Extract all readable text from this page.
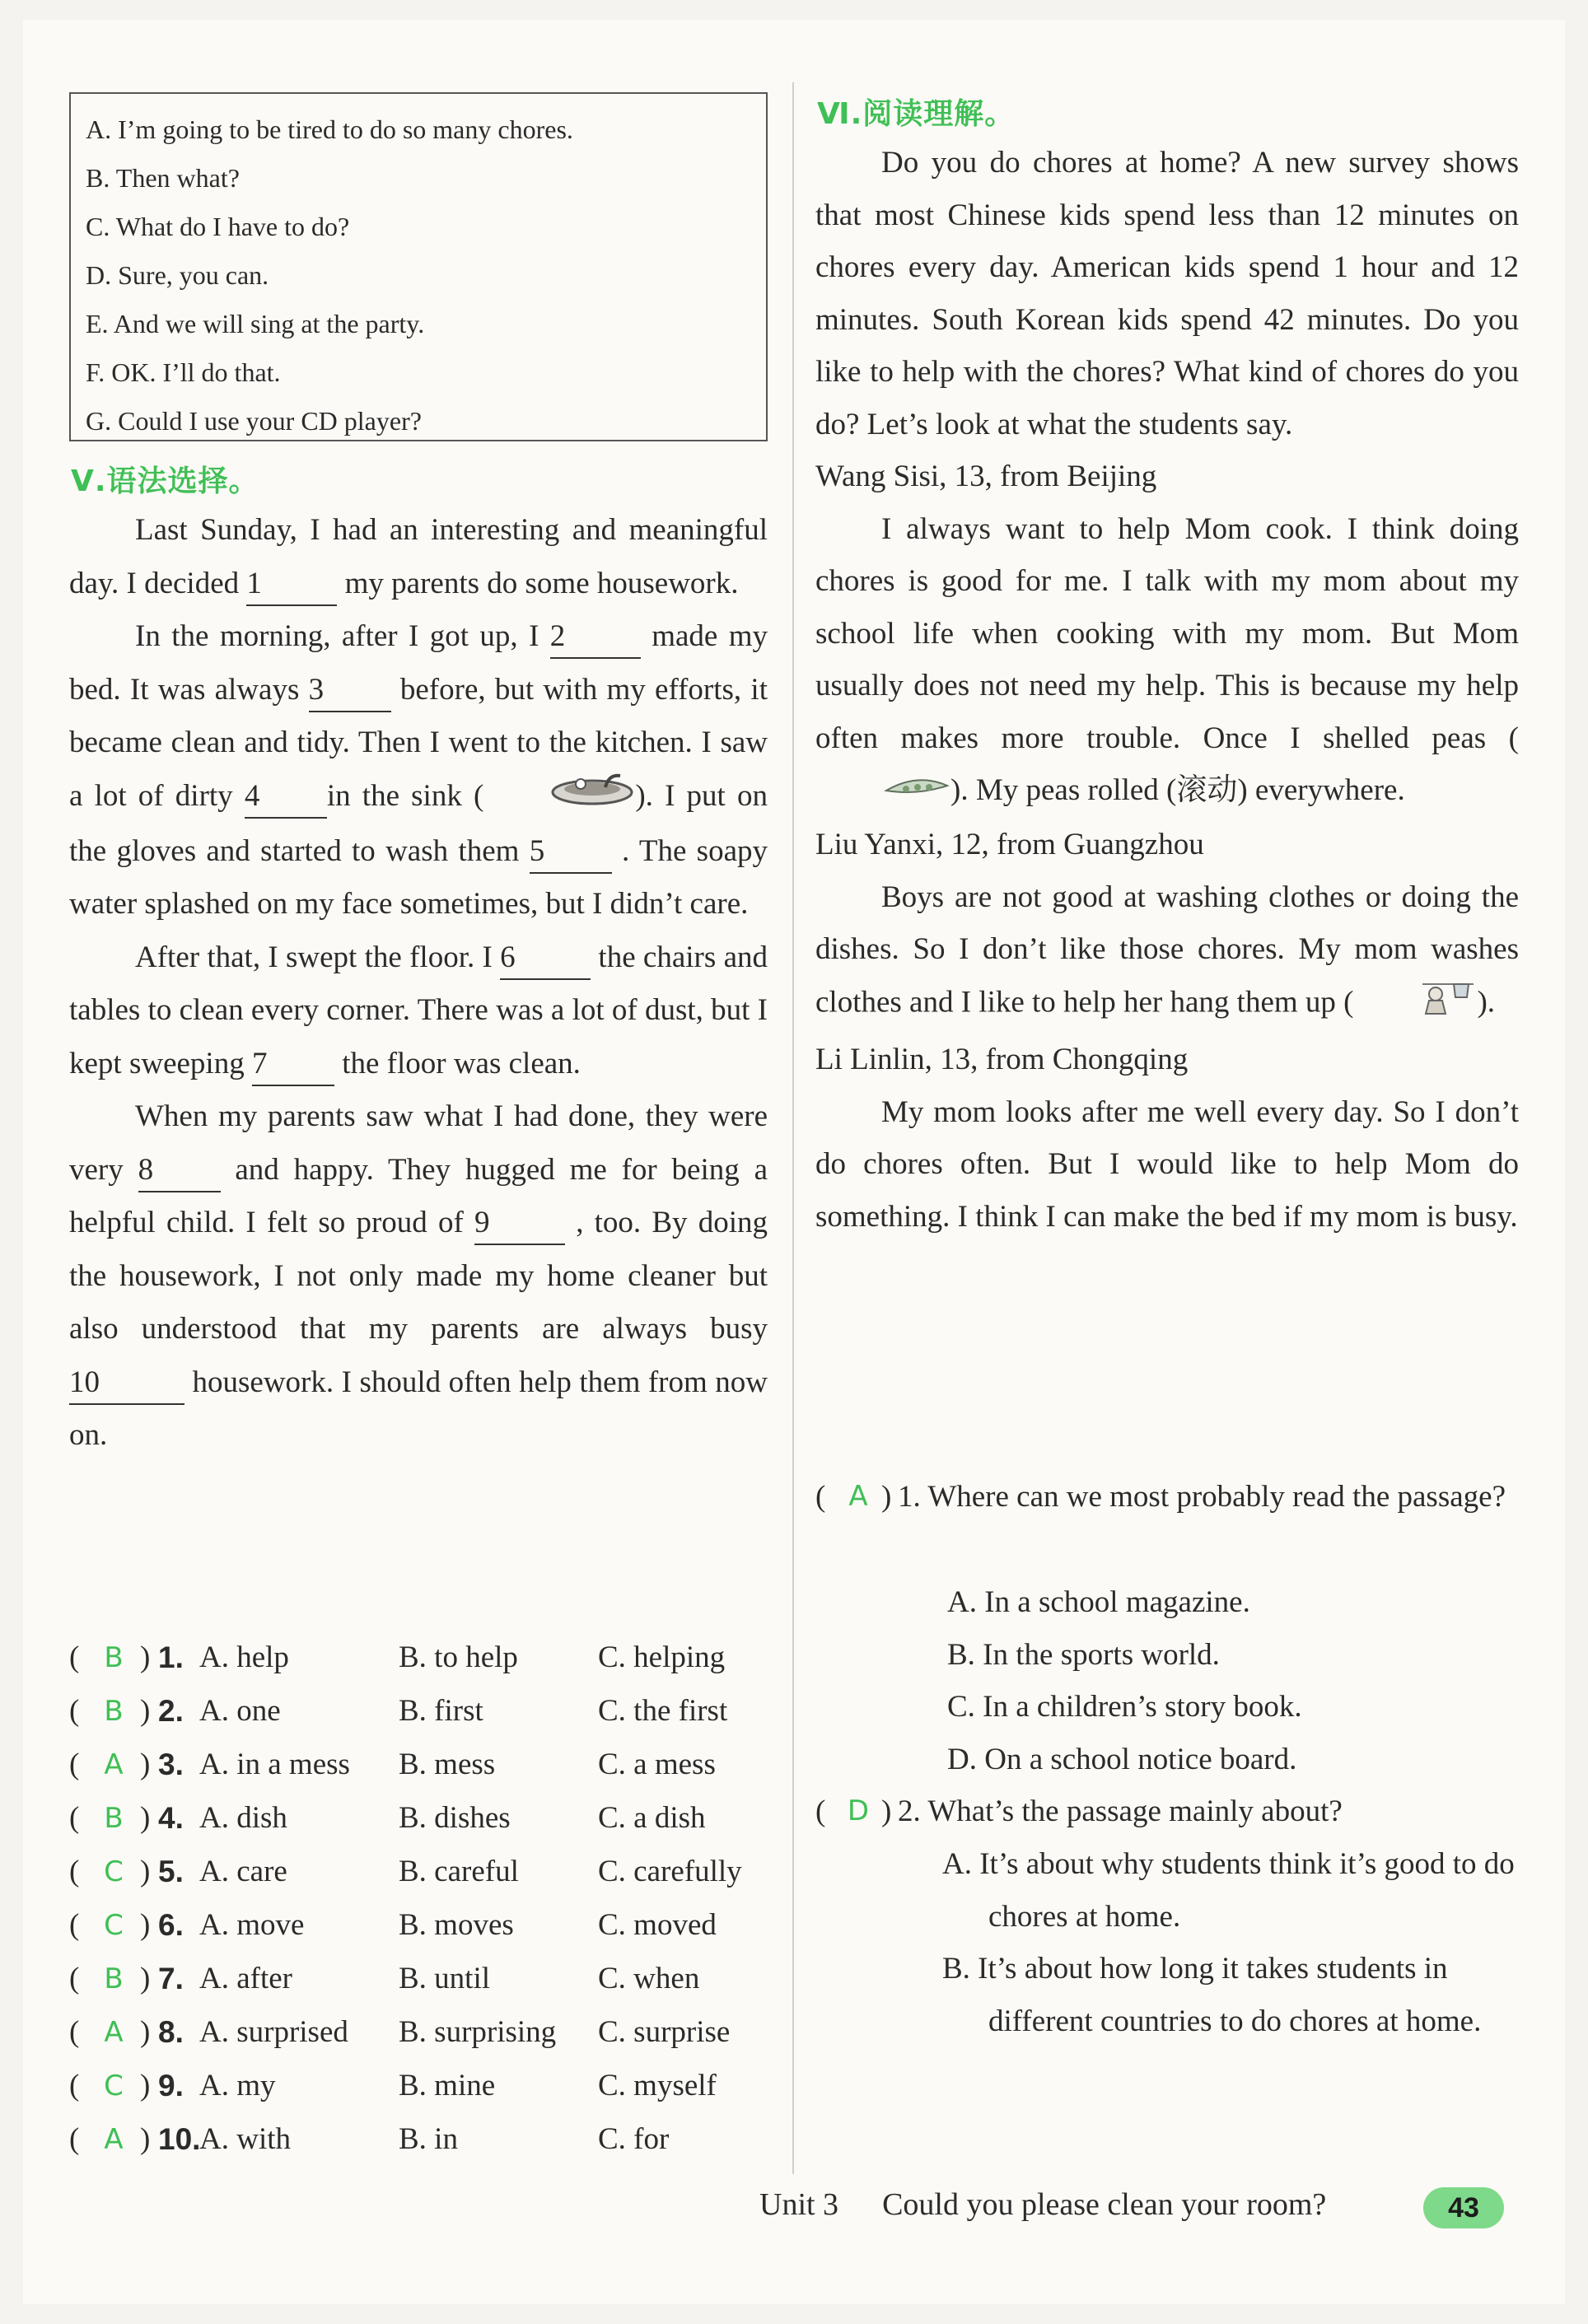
A. I’m going to be tired to do so many chores.
B. Then what?
C. What do I have to do?
D. Sure, you can.
E. And we will sing at the party.
F. OK. I’ll do that.
G. Could I use your CD player?
Ⅴ.语法选择。

Last Sunday, I had an interesting and meaningful day. I decided 1 my parents do some housework.

In the morning, after I got up, I 2 made my bed. It was always 3 before, but with my efforts, it became clean and tidy. Then I went to the kitchen. I saw a lot of dirty 4 in the sink (	). I put on the gloves and started to wash them 5 . The soapy water splashed on my face sometimes, but I didn’t care.

After that, I swept the floor. I 6 the chairs and tables to clean every corner. There was a lot of dust, but I kept sweeping 7 the floor was clean.

When my parents saw what I had done, they were very 8 and happy. They hugged me for being a helpful child. I felt so proud of 9 , too. By doing the housework, I not only made my home cleaner but also understood that my parents are always busy 10	housework. I should often help them from now on.

( B ) 1. A. help	B. to help	C. helping
( B ) 2. A. one	B. first	C. the first
( A ) 3. A. in a mess B. mess	C. a mess
( B ) 4. A. dish	B. dishes	C. a dish
( C ) 5. A. care	B. careful	C. carefully
( C ) 6. A. move	B. moves	C. moved
( B ) 7. A. after	B. until	C. when
( A ) 8. A. surprised B. surprising C. surprise
( C ) 9. A. my	B. mine	C. myself
( A ) 10.
A. with	B. in	C. for
Ⅵ.阅读理解。

Do you do chores at home? A new survey shows that most Chinese kids spend less than 12 minutes on chores every day. American kids spend 1 hour and 12 minutes. South Korean kids spend 42 minutes. Do you like to help with the chores? What kind of chores do you do? Let’s look at what the students say.

Wang Sisi, 13, from Beijing

I always want to help Mom cook. I think doing chores is good for me. I talk with my mom about my school life when cooking with my mom. But Mom usually does not need my help. This is because my help often makes more trouble. Once I shelled peas (). My peas rolled (滚动) everywhere.

Liu Yanxi, 12, from Guangzhou

Boys are not good at washing clothes or doing the dishes. So I don’t like those chores. My mom washes clothes and I like to help her hang them up (	).

Li Linlin, 13, from Chongqing

My mom looks after me well every day. So I don’t do chores often. But I would like to help Mom do something. I think I can make the bed if my mom is busy.

( A ) 1. Where can we most probably read the passage?
A. In a school magazine.
B. In the sports world.
C. In a children’s story book.
D. On a school notice board.
( D ) 2. What’s the passage mainly about?
A. It’s about why students think it’s good to do chores at home.
B. It’s about how long it takes students in different countries to do chores at home.
Unit 3 Could you please clean your room?	43
